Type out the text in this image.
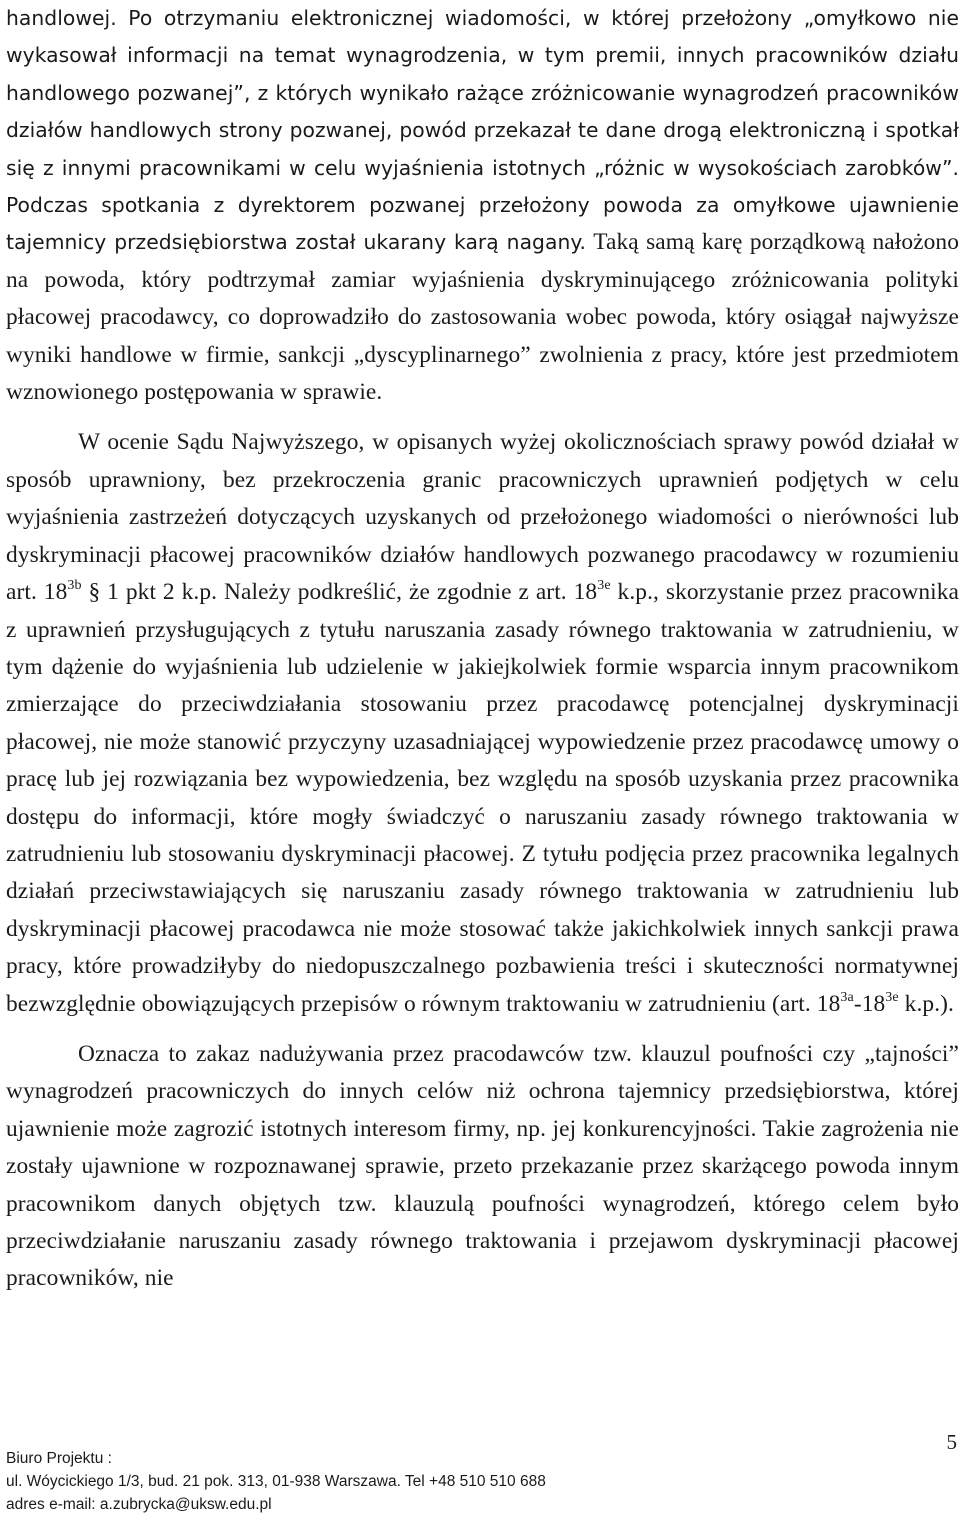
handlowej. Po otrzymaniu elektronicznej wiadomości, w której przełożony „omyłkowo nie wykasował informacji na temat wynagrodzenia, w tym premii, innych pracowników działu handlowego pozwanej”, z których wynikało rażące zróżnicowanie wynagrodzeń pracowników działów handlowych strony pozwanej, powód przekazał te dane drogą elektroniczną i spotkał się z innymi pracownikami w celu wyjaśnienia istotnych „różnic w wysokościach zarobków”. Podczas spotkania z dyrektorem pozwanej przełożony powoda za omyłkowe ujawnienie tajemnicy przedsiębiorstwa został ukarany karą nagany. Taką samą karę porządkową nałożono na powoda, który podtrzymał zamiar wyjaśnienia dyskryminującego zróżnicowania polityki płacowej pracodawcy, co doprowadziło do zastosowania wobec powoda, który osiągał najwyższe wyniki handlowe w firmie, sankcji „dyscyplinarnego” zwolnienia z pracy, które jest przedmiotem wznowionego postępowania w sprawie.

W ocenie Sądu Najwyższego, w opisanych wyżej okolicznościach sprawy powód działał w sposób uprawniony, bez przekroczenia granic pracowniczych uprawnień podjętych w celu wyjaśnienia zastrzeżeń dotyczących uzyskanych od przełożonego wiadomości o nierówności lub dyskryminacji płacowej pracowników działów handlowych pozwanego pracodawcy w rozumieniu art. $18^{3b}$ § 1 pkt 2 k.p. Należy podkreślić, że zgodnie z art. $18^{3e}$ k.p., skorzystanie przez pracownika z uprawnień przysługujących z tytułu naruszania zasady równego traktowania w zatrudnieniu, w tym dążenie do wyjaśnienia lub udzielenie w jakiejkolwiek formie wsparcia innym pracownikom zmierzające do przeciwdziałania stosowaniu przez pracodawcę potencjalnej dyskryminacji płacowej, nie może stanowić przyczyny uzasadniającej wypowiedzenie przez pracodawcę umowy o pracę lub jej rozwiązania bez wypowiedzenia, bez względu na sposób uzyskania przez pracownika dostępu do informacji, które mogły świadczyć o naruszaniu zasady równego traktowania w zatrudnieniu lub stosowaniu dyskryminacji płacowej. Z tytułu podjęcia przez pracownika legalnych działań przeciwstawiających się naruszaniu zasady równego traktowania w zatrudnieniu lub dyskryminacji płacowej pracodawca nie może stosować także jakichkolwiek innych sankcji prawa pracy, które prowadziłyby do niedopuszczalnego pozbawienia treści i skuteczności normatywnej bezwzględnie obowiązujących przepisów o równym traktowaniu w zatrudnieniu (art. $18^{3a}-18^{3e}$ k.p.).

Oznacza to zakaz nadużywania przez pracodawców tzw. klauzul poufności czy „tajności” wynagrodzeń pracowniczych do innych celów niż ochrona tajemnicy przedsiębiorstwa, której ujawnienie może zagrozić istotnych interesom firmy, np. jej konkurencyjności. Takie zagrożenia nie zostały ujawnione w rozpoznawanej sprawie, przeto przekazanie przez skarżącego powoda innym pracownikom danych objętych tzw. klauzulą poufności wynagrodzeń, którego celem było przeciwdziałanie naruszaniu zasady równego traktowania i przejawom dyskryminacji płacowej pracowników, nie

5
Biuro Projektu :
ul. Wóycickiego 1/3, bud. 21 pok. 313, 01-938 Warszawa. Tel +48 510 510 688
adres e-mail: a.zubrycka@uksw.edu.pl
